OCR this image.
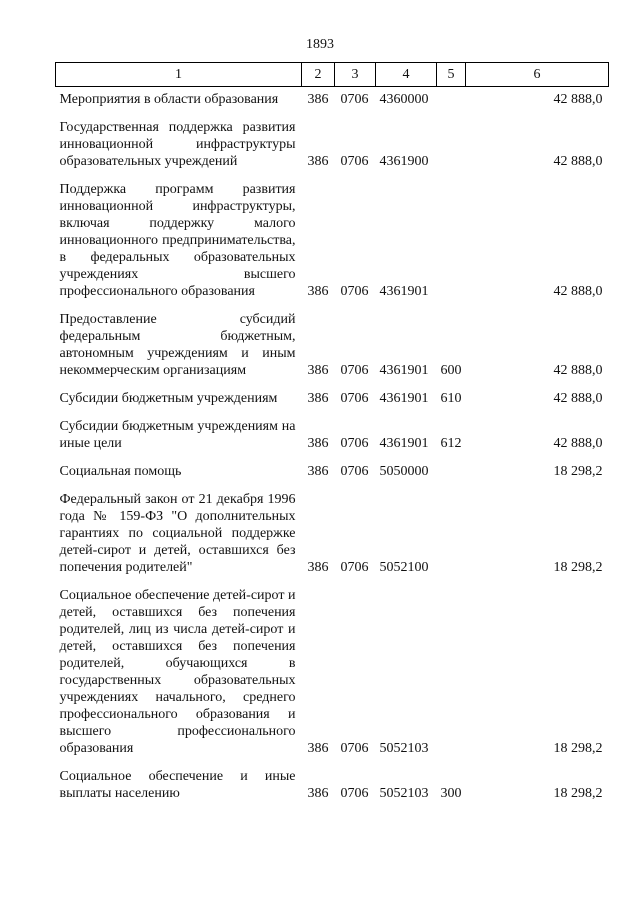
1893
1	2	3	4	5	6
Мероприятия в области образования	386	0706	4360000		42 888,0
Государственная поддержка развития инновационной инфраструктуры образовательных учреждений	386	0706	4361900		42 888,0
Поддержка программ развития инновационной инфраструктуры, включая поддержку малого инновационного предпринимательства, в федеральных образовательных учреждениях высшего профессионального образования	386	0706	4361901		42 888,0
Предоставление субсидий федеральным бюджетным, автономным учреждениям и иным некоммерческим организациям	386	0706	4361901	600	42 888,0
Субсидии бюджетным учреждениям	386	0706	4361901	610	42 888,0
Субсидии бюджетным учреждениям на иные цели	386	0706	4361901	612	42 888,0
Социальная помощь	386	0706	5050000		18 298,2
Федеральный закон от 21 декабря 1996 года № 159-ФЗ "О дополнительных гарантиях по социальной поддержке детей-сирот и детей, оставшихся без попечения родителей"	386	0706	5052100		18 298,2
Социальное обеспечение детей-сирот и детей, оставшихся без попечения родителей, лиц из числа детей-сирот и детей, оставшихся без попечения родителей, обучающихся в государственных образовательных учреждениях начального, среднего профессионального образования и высшего профессионального образования	386	0706	5052103		18 298,2
Социальное обеспечение и иные выплаты населению	386	0706	5052103	300	18 298,2
